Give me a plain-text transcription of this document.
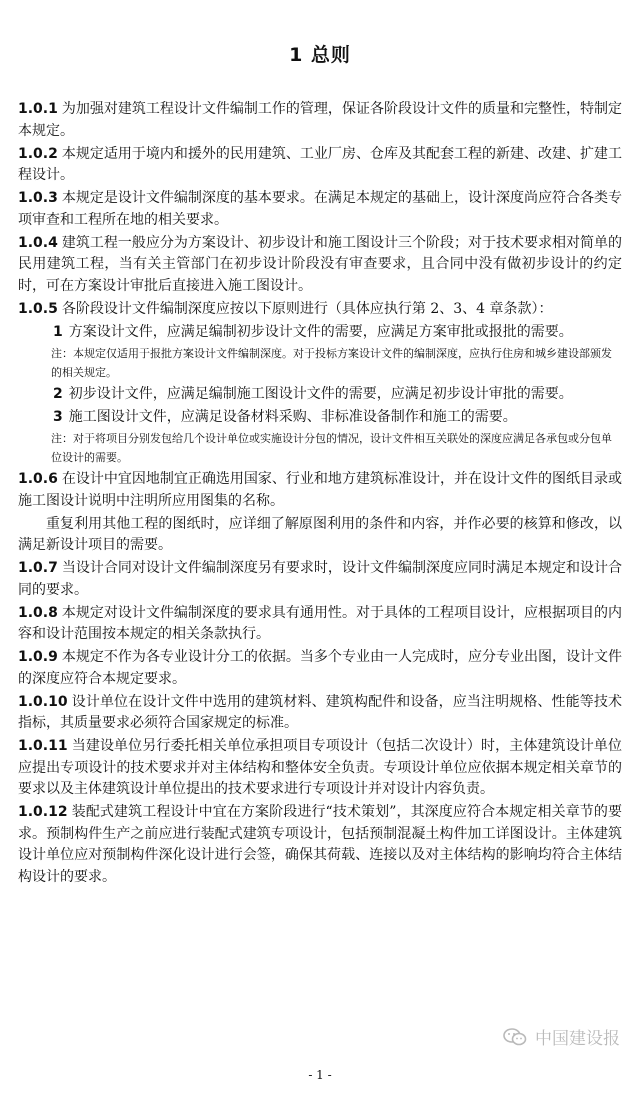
1 总则

1.0.1 为加强对建筑工程设计文件编制工作的管理，保证各阶段设计文件的质量和完整性，特制定本规定。

1.0.2 本规定适用于境内和援外的民用建筑、工业厂房、仓库及其配套工程的新建、改建、扩建工程设计。

1.0.3 本规定是设计文件编制深度的基本要求。在满足本规定的基础上，设计深度尚应符合各类专项审查和工程所在地的相关要求。

1.0.4 建筑工程一般应分为方案设计、初步设计和施工图设计三个阶段；对于技术要求相对简单的民用建筑工程，当有关主管部门在初步设计阶段没有审查要求，且合同中没有做初步设计的约定时，可在方案设计审批后直接进入施工图设计。

1.0.5 各阶段设计文件编制深度应按以下原则进行（具体应执行第 2、3、4 章条款）：

1 方案设计文件，应满足编制初步设计文件的需要，应满足方案审批或报批的需要。

注：本规定仅适用于报批方案设计文件编制深度。对于投标方案设计文件的编制深度，应执行住房和城乡建设部颁发的相关规定。

2 初步设计文件，应满足编制施工图设计文件的需要，应满足初步设计审批的需要。

3 施工图设计文件，应满足设备材料采购、非标准设备制作和施工的需要。

注：对于将项目分别发包给几个设计单位或实施设计分包的情况，设计文件相互关联处的深度应满足各承包或分包单位设计的需要。

1.0.6 在设计中宜因地制宜正确选用国家、行业和地方建筑标准设计，并在设计文件的图纸目录或施工图设计说明中注明所应用图集的名称。

重复利用其他工程的图纸时，应详细了解原图利用的条件和内容，并作必要的核算和修改，以满足新设计项目的需要。

1.0.7 当设计合同对设计文件编制深度另有要求时，设计文件编制深度应同时满足本规定和设计合同的要求。

1.0.8 本规定对设计文件编制深度的要求具有通用性。对于具体的工程项目设计，应根据项目的内容和设计范围按本规定的相关条款执行。

1.0.9 本规定不作为各专业设计分工的依据。当多个专业由一人完成时，应分专业出图，设计文件的深度应符合本规定要求。

1.0.10 设计单位在设计文件中选用的建筑材料、建筑构配件和设备，应当注明规格、性能等技术指标，其质量要求必须符合国家规定的标准。

1.0.11 当建设单位另行委托相关单位承担项目专项设计（包括二次设计）时，主体建筑设计单位应提出专项设计的技术要求并对主体结构和整体安全负责。专项设计单位应依据本规定相关章节的要求以及主体建筑设计单位提出的技术要求进行专项设计并对设计内容负责。

1.0.12 装配式建筑工程设计中宜在方案阶段进行“技术策划”，其深度应符合本规定相关章节的要求。预制构件生产之前应进行装配式建筑专项设计，包括预制混凝土构件加工详图设计。主体建筑设计单位应对预制构件深化设计进行会签，确保其荷载、连接以及对主体结构的影响均符合主体结构设计的要求。

中国建设报
- 1 -
